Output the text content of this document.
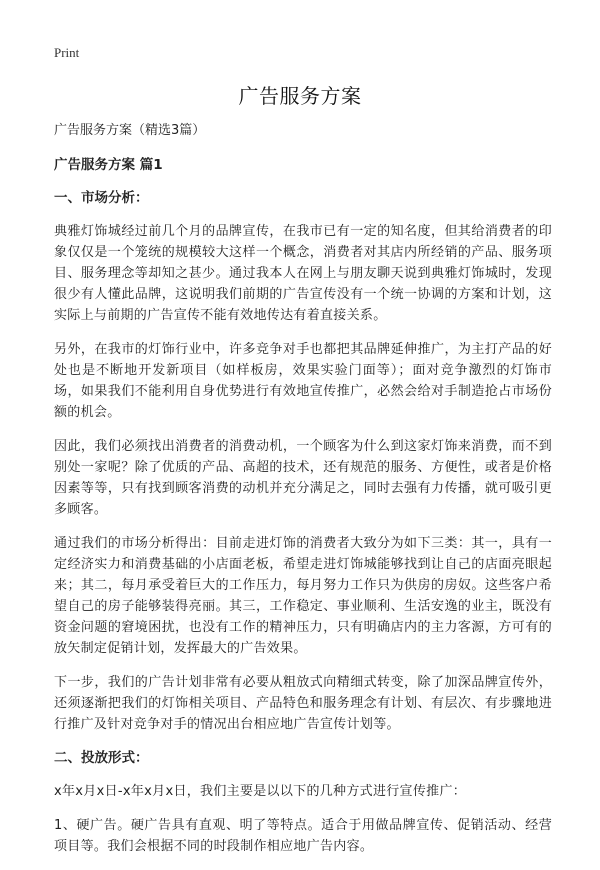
Print
广告服务方案

广告服务方案（精选3篇）

广告服务方案 篇1

一、市场分析：

典雅灯饰城经过前几个月的品牌宣传，在我市已有一定的知名度，但其给消费者的印象仅仅是一个笼统的规模较大这样一个概念，消费者对其店内所经销的产品、服务项目、服务理念等却知之甚少。通过我本人在网上与朋友聊天说到典雅灯饰城时，发现很少有人懂此品牌，这说明我们前期的广告宣传没有一个统一协调的方案和计划，这实际上与前期的广告宣传不能有效地传达有着直接关系。

另外，在我市的灯饰行业中，许多竞争对手也都把其品牌延伸推广，为主打产品的好处也是不断地开发新项目（如样板房，效果实验门面等）；面对竞争激烈的灯饰市场，如果我们不能利用自身优势进行有效地宣传推广，必然会给对手制造抢占市场份额的机会。

因此，我们必须找出消费者的消费动机，一个顾客为什么到这家灯饰来消费，而不到别处一家呢？除了优质的产品、高超的技术，还有规范的服务、方便性，或者是价格因素等等，只有找到顾客消费的动机并充分满足之，同时去强有力传播，就可吸引更多顾客。

通过我们的市场分析得出：目前走进灯饰的消费者大致分为如下三类：其一，具有一定经济实力和消费基础的小店面老板，希望走进灯饰城能够找到让自己的店面亮眼起来；其二，每月承受着巨大的工作压力，每月努力工作只为供房的房奴。这些客户希望自己的房子能够装得亮丽。其三，工作稳定、事业顺利、生活安逸的业主，既没有资金问题的窘境困扰，也没有工作的精神压力，只有明确店内的主力客源，方可有的放矢制定促销计划，发挥最大的广告效果。

下一步，我们的广告计划非常有必要从粗放式向精细式转变，除了加深品牌宣传外，还须逐渐把我们的灯饰相关项目、产品特色和服务理念有计划、有层次、有步骤地进行推广及针对竞争对手的情况出台相应地广告宣传计划等。

二、投放形式：

x年x月x日-x年x月x日，我们主要是以以下的几种方式进行宣传推广：

1、硬广告。硬广告具有直观、明了等特点。适合于用做品牌宣传、促销活动、经营项目等。我们会根据不同的时段制作相应地广告内容。
